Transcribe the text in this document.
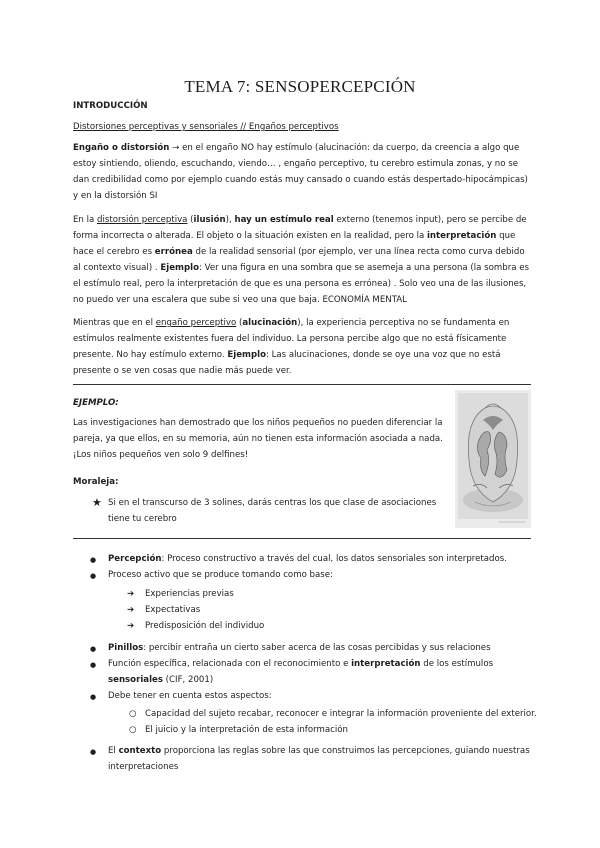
TEMA 7: SENSOPERCEPCIÓN

INTRODUCCIÓN

Distorsiones perceptivas y sensoriales // Engaños perceptivos

Engaño o distorsión → en el engaño NO hay estímulo (alucinación: da cuerpo, da creencia a algo que estoy sintiendo, oliendo, escuchando, viendo… , engaño perceptivo, tu cerebro estimula zonas, y no se dan credibilidad como por ejemplo cuando estás muy cansado o cuando estás despertado-hipocámpicas) y en la distorsión SI

En la distorsión perceptiva (ilusión), hay un estímulo real externo (tenemos input), pero se percibe de forma incorrecta o alterada. El objeto o la situación existen en la realidad, pero la interpretación que hace el cerebro es errónea de la realidad sensorial (por ejemplo, ver una línea recta como curva debido al contexto visual) . Ejemplo: Ver una figura en una sombra que se asemeja a una persona (la sombra es el estímulo real, pero la interpretación de que es una persona es errónea) . Solo veo una de las ilusiones, no puedo ver una escalera que sube si veo una que baja. ECONOMÍA MENTAL

Mientras que en el engaño perceptivo (alucinación), la experiencia perceptiva no se fundamenta en estímulos realmente existentes fuera del individuo. La persona percibe algo que no está físicamente presente. No hay estímulo externo. Ejemplo: Las alucinaciones, donde se oye una voz que no está presente o se ven cosas que nadie más puede ver.

EJEMPLO:

Las investigaciones han demostrado que los niños pequeños no pueden diferenciar la pareja, ya que ellos, en su memoria, aún no tienen esta información asociada a nada. ¡Los niños pequeños ven solo 9 delfines!

Moraleja:

★ Si en el transcurso de 3 solines, darás centras los que clase de asociaciones tiene tu cerebro

● Percepción: Proceso constructivo a través del cual, los datos sensoriales son interpretados.

● Proceso activo que se produce tomando como base:

➔ Experiencias previas

➔ Expectativas

➔ Predisposición del individuo

● Pinillos: percibir entraña un cierto saber acerca de las cosas percibidas y sus relaciones

● Función específica, relacionada con el reconocimiento e interpretación de los estímulos sensoriales (CIF, 2001)

● Debe tener en cuenta estos aspectos:

○ Capacidad del sujeto recabar, reconocer e integrar la información proveniente del exterior.

○ El juicio y la interpretación de esta información

● El contexto proporciona las reglas sobre las que construimos las percepciones, guiando nuestras interpretaciones
